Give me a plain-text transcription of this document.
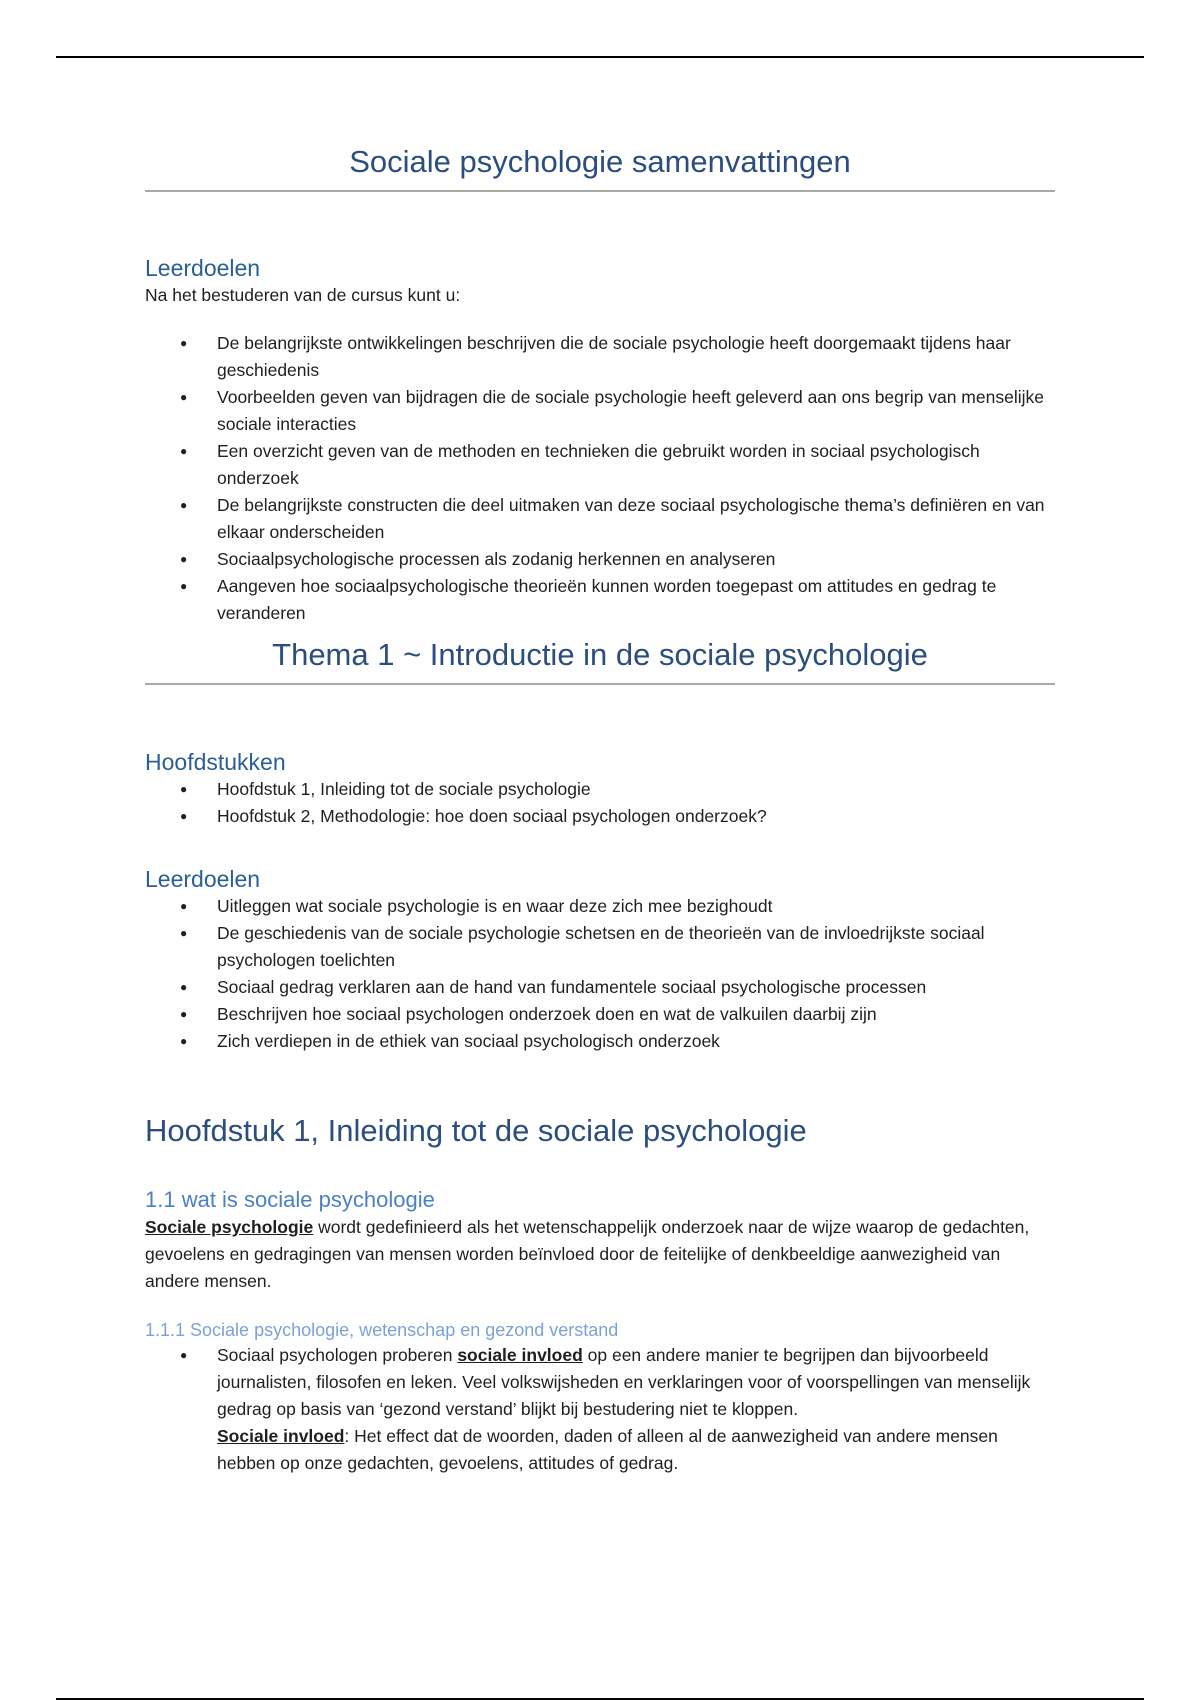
Sociale psychologie samenvattingen
Leerdoelen

Na het bestuderen van de cursus kunt u:

● De belangrijkste ontwikkelingen beschrijven die de sociale psychologie heeft doorgemaakt tijdens haar geschiedenis
● Voorbeelden geven van bijdragen die de sociale psychologie heeft geleverd aan ons begrip van menselijke sociale interacties
● Een overzicht geven van de methoden en technieken die gebruikt worden in sociaal psychologisch onderzoek
● De belangrijkste constructen die deel uitmaken van deze sociaal psychologische thema’s definiëren en van elkaar onderscheiden
● Sociaalpsychologische processen als zodanig herkennen en analyseren
● Aangeven hoe sociaalpsychologische theorieën kunnen worden toegepast om attitudes en gedrag te veranderen
Thema 1 ~ Introductie in de sociale psychologie
Hoofdstukken
● Hoofdstuk 1, Inleiding tot de sociale psychologie
● Hoofdstuk 2, Methodologie: hoe doen sociaal psychologen onderzoek?
Leerdoelen
● Uitleggen wat sociale psychologie is en waar deze zich mee bezighoudt
● De geschiedenis van de sociale psychologie schetsen en de theorieën van de invloedrijkste sociaal psychologen toelichten
● Sociaal gedrag verklaren aan de hand van fundamentele sociaal psychologische processen
● Beschrijven hoe sociaal psychologen onderzoek doen en wat de valkuilen daarbij zijn
● Zich verdiepen in de ethiek van sociaal psychologisch onderzoek
Hoofdstuk 1, Inleiding tot de sociale psychologie
1.1 wat is sociale psychologie

Sociale psychologie wordt gedefinieerd als het wetenschappelijk onderzoek naar de wijze waarop de gedachten, gevoelens en gedragingen van mensen worden beïnvloed door de feitelijke of denkbeeldige aanwezigheid van andere mensen.

1.1.1 Sociale psychologie, wetenschap en gezond verstand
● Sociaal psychologen proberen sociale invloed op een andere manier te begrijpen dan bijvoorbeeld journalisten, filosofen en leken. Veel volkswijsheden en verklaringen voor of voorspellingen van menselijk gedrag op basis van ‘gezond verstand’ blijkt bij bestudering niet te kloppen.
Sociale invloed: Het effect dat de woorden, daden of alleen al de aanwezigheid van andere mensen hebben op onze gedachten, gevoelens, attitudes of gedrag.
